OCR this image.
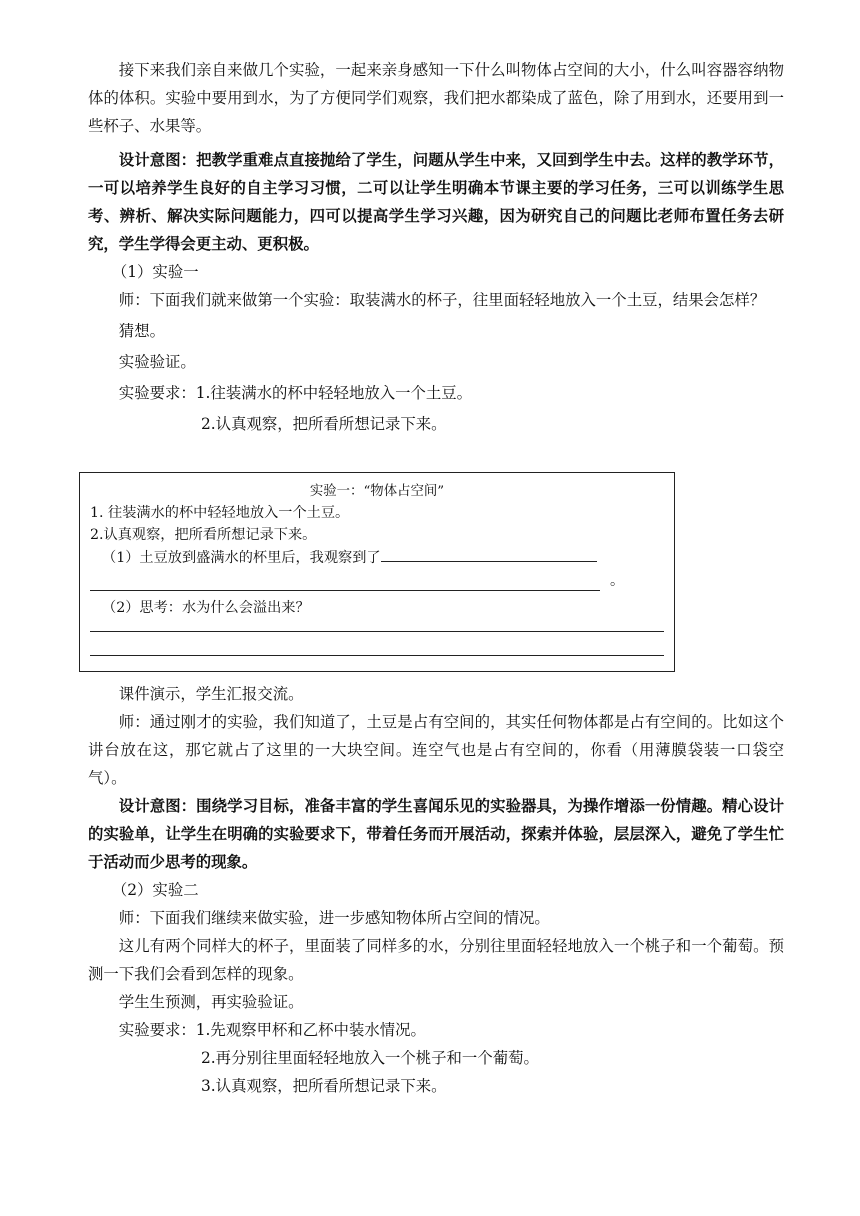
接下来我们亲自来做几个实验，一起来亲身感知一下什么叫物体占空间的大小，什么叫容器容纳物体的体积。实验中要用到水，为了方便同学们观察，我们把水都染成了蓝色，除了用到水，还要用到一些杯子、水果等。

设计意图：把教学重难点直接抛给了学生，问题从学生中来，又回到学生中去。这样的教学环节，一可以培养学生良好的自主学习习惯，二可以让学生明确本节课主要的学习任务，三可以训练学生思考、辨析、解决实际问题能力，四可以提高学生学习兴趣，因为研究自己的问题比老师布置任务去研究，学生学得会更主动、更积极。

（1）实验一

师：下面我们就来做第一个实验：取装满水的杯子，往里面轻轻地放入一个土豆，结果会怎样？

猜想。

实验验证。

实验要求：1.往装满水的杯中轻轻地放入一个土豆。

2.认真观察，把所看所想记录下来。

实验一：“物体占空间”

1. 往装满水的杯中轻轻地放入一个土豆。

2.认真观察，把所看所想记录下来。

（1）土豆放到盛满水的杯里后，我观察到了

。

（2）思考：水为什么会溢出来？

课件演示，学生汇报交流。

师：通过刚才的实验，我们知道了，土豆是占有空间的，其实任何物体都是占有空间的。比如这个讲台放在这，那它就占了这里的一大块空间。连空气也是占有空间的，你看（用薄膜袋装一口袋空气）。

设计意图：围绕学习目标，准备丰富的学生喜闻乐见的实验器具，为操作增添一份情趣。精心设计的实验单，让学生在明确的实验要求下，带着任务而开展活动，探索并体验，层层深入，避免了学生忙于活动而少思考的现象。

（2）实验二

师：下面我们继续来做实验，进一步感知物体所占空间的情况。

这儿有两个同样大的杯子，里面装了同样多的水，分别往里面轻轻地放入一个桃子和一个葡萄。预测一下我们会看到怎样的现象。

学生生预测，再实验验证。

实验要求：1.先观察甲杯和乙杯中装水情况。

2.再分别往里面轻轻地放入一个桃子和一个葡萄。

3.认真观察，把所看所想记录下来。
